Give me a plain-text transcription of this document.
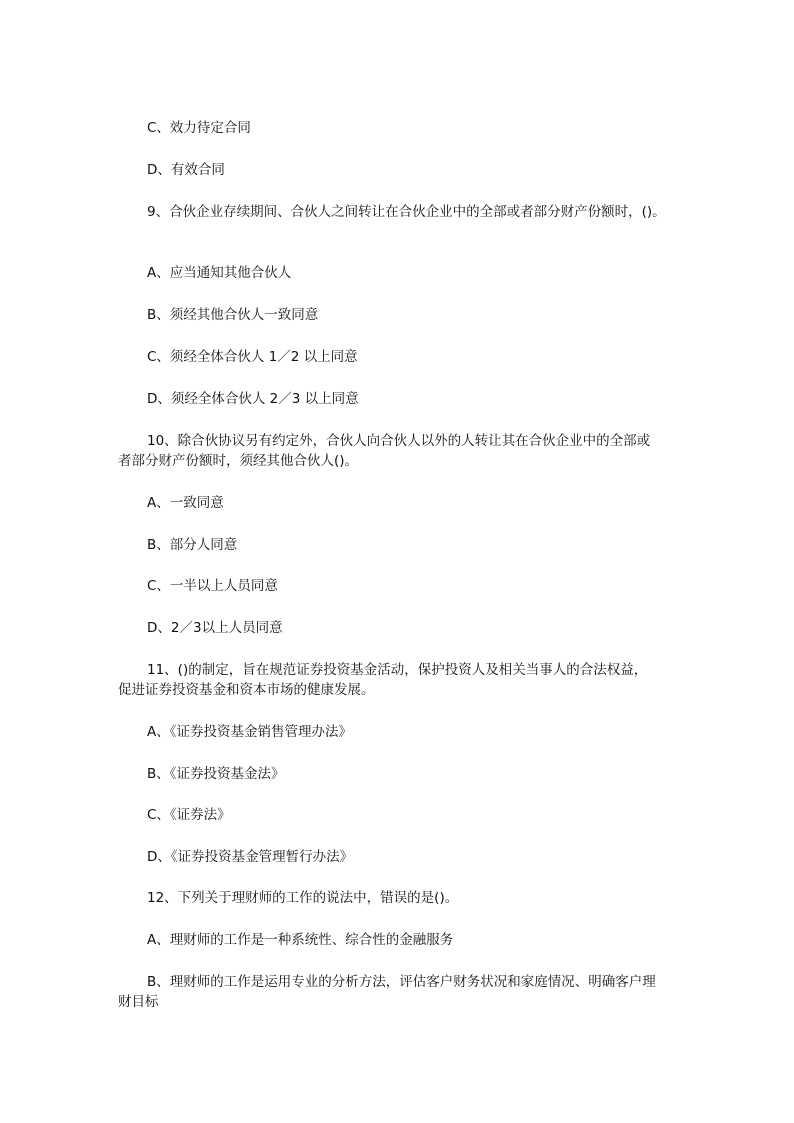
C、效力待定合同
D、有效合同
9、合伙企业存续期间、合伙人之间转让在合伙企业中的全部或者部分财产份额时，()。
A、应当通知其他合伙人
B、须经其他合伙人一致同意
C、须经全体合伙人 1／2 以上同意
D、须经全体合伙人 2／3 以上同意
10、除合伙协议另有约定外，合伙人向合伙人以外的人转让其在合伙企业中的全部或
者部分财产份额时，须经其他合伙人()。
A、一致同意
B、部分人同意
C、一半以上人员同意
D、2／3以上人员同意
11、()的制定，旨在规范证券投资基金活动，保护投资人及相关当事人的合法权益，
促进证券投资基金和资本市场的健康发展。
A、《证券投资基金销售管理办法》
B、《证券投资基金法》
C、《证券法》
D、《证券投资基金管理暂行办法》
12、下列关于理财师的工作的说法中，错误的是()。
A、理财师的工作是一种系统性、综合性的金融服务
B、理财师的工作是运用专业的分析方法，评估客户财务状况和家庭情况、明确客户理
财目标
